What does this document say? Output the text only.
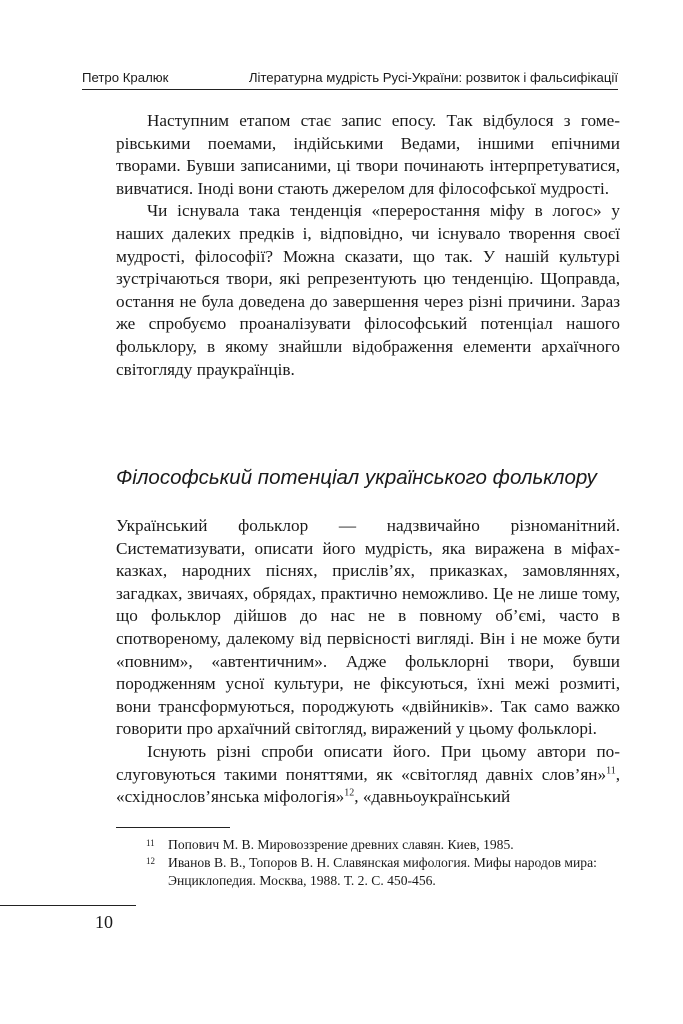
Петро Кралюк	Літературна мудрість Русі-України: розвиток і фальсифікації

Наступним етапом стає запис епосу. Так відбулося з гомерівськими поемами, індійськими Ведами, іншими епічними творами. Бувши записаними, ці твори починають інтерпретуватися, вивчатися. Іноді вони стають джерелом для філософської мудрості.

Чи існувала така тенденція «переростання міфу в логос» у наших далеких предків і, відповідно, чи існувало творення своєї мудрості, філософії? Можна сказати, що так. У нашій культурі зустрічаються твори, які репрезентують цю тенденцію. Щоправда, остання не була доведена до завершення через різні причини. Зараз же спробуємо проаналізувати філософський потенціал нашого фольклору, в якому знайшли відображення елементи архаїчного світогляду праукраїнців.

Філософський потенціал українського фольклору

Український фольклор — надзвичайно різноманітний. Систематизувати, описати його мудрість, яка виражена в міфах-казках, народних піснях, прислів’ях, приказках, замовляннях, загадках, звичаях, обрядах, практично неможливо. Це не лише тому, що фольклор дійшов до нас не в повному об’ємі, часто в спотвореному, далекому від первісності вигляді. Він і не може бути «повним», «автентичним». Адже фольклорні твори, бувши породженням усної культури, не фіксуються, їхні межі розмиті, вони трансформуються, породжують «двійників». Так само важко говорити про архаїчний світогляд, виражений у цьому фольклорі.

Існують різні спроби описати його. При цьому автори послуговуються такими поняттями, як «світогляд давніх слов’ян»$^{11}$, «східнослов’янська міфологія»$^{12}$, «давньоукраїнський

11 Попович М. В. Мировоззрение древних славян. Киев, 1985.
12 Иванов В. В., Топоров В. Н. Славянская мифология. Мифы народов мира: Энциклопедия. Москва, 1988. Т. 2. С. 450-456.
10
